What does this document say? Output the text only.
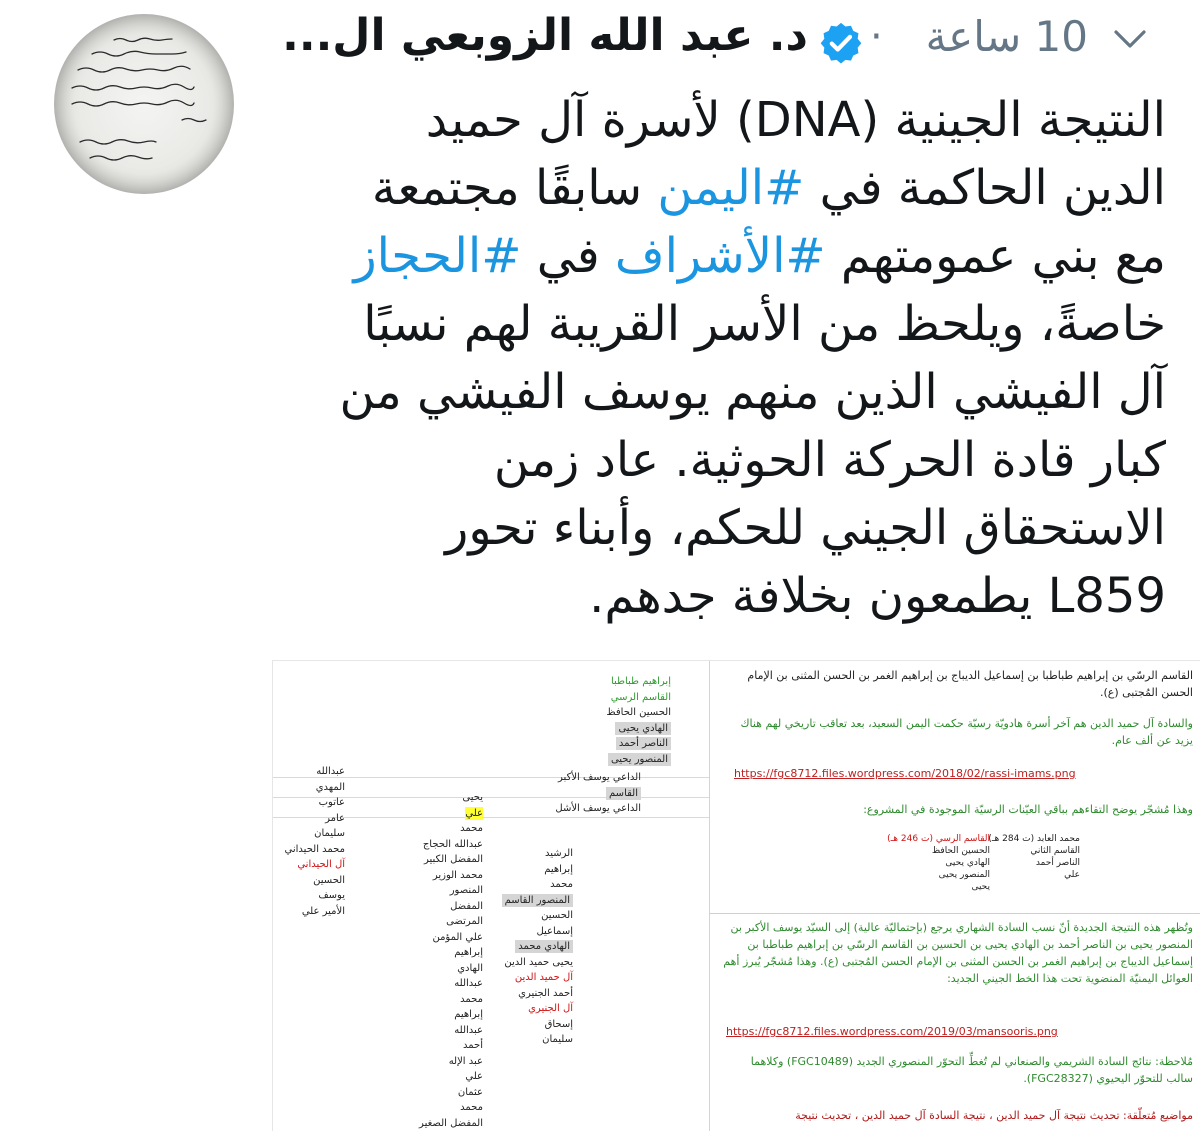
10 ساعة
·
د. عبد الله الزوبعي ال...
النتيجة الجينية (DNA) لأسرة آل حميد
الدين الحاكمة في #اليمن سابقًا مجتمعة
مع بني عمومتهم #الأشراف في #الحجاز
خاصةً، ويلحظ من الأسر القريبة لهم نسبًا
آل الفيشي الذين منهم يوسف الفيشي من
كبار قادة الحركة الحوثية. عاد زمن
الاستحقاق الجيني للحكم، وأبناء تحور
L859 يطمعون بخلافة جدهم.
إبراهيم طباطبا
القاسم الرسي
الحسين الحافظ
الهادي يحيى
الناصر أحمد
المنصور يحيى
الداعي يوسف الأكبر
القاسم
الداعي يوسف الأشل
يحيى
علي
محمد
عبدالله الحجاج
المفضل الكبير
محمد الوزير
المنصور
المفضل
المرتضى
علي المؤمن
إبراهيم
الهادي
عبدالله
محمد
إبراهيم
عبدالله
أحمد
عبد الإله
علي
عثمان
محمد
المفضل الصغير
الرشيد
إبراهيم
محمد
المنصور القاسم
الحسين
إسماعيل
الهادي محمد
يحيى حميد الدين
آل حميد الدين
أحمد الجنيري
آل الجنيري
إسحاق
سليمان
عبدالله
المهدي
عاتوب
عامر
سليمان
محمد الحيداني
آل الحيداني
الحسين
يوسف
الأمير علي
القاسم الرسّي بن إبراهيم طباطبا بن إسماعيل الديباج بن إبراهيم الغمر بن الحسن المثنى بن الإمام الحسن المُجتبى (ع).
والسادة آل حميد الدين هم آخر أسرة هادويّة رسيّة حكمت اليمن السعيد، بعد تعاقب تاريخي لهم هناك يزيد عن ألف عام.
https://fgc8712.files.wordpress.com/2018/02/rassi-imams.png
وهذا مُشجّر يوضح التقاءهم بباقي العيّنات الرسيّة الموجودة في المشروع:
القاسم الرسي (ت 246 هـ)
محمد العابد (ت 284 هـ)
الحسين الحافظ	القاسم الثاني
الهادي يحيى	الناصر أحمد
المنصور يحيى	علي
يحيى
وتُظهر هذه النتيجة الجديدة أنّ نسب السادة الشهاري يرجع (بإحتماليّة عالية) إلى السيّد يوسف الأكبر بن المنصور يحيى بن الناصر أحمد بن الهادي يحيى بن الحسين بن القاسم الرسّي بن إبراهيم طباطبا بن إسماعيل الديباج بن إبراهيم الغمر بن الحسن المثنى بن الإمام الحسن المُجتبى (ع). وهذا مُشجّر يُبرز أهم العوائل اليمنيّة المنضوية تحت هذا الخط الجيني الجديد:
https://fgc8712.files.wordpress.com/2019/03/mansooris.png
مُلاحظة: نتائج السادة الشريمي والصنعاني لم تُغطِّ التحوّر المنصوري الجديد (FGC10489) وكلاهما سالب للتحوّر اليحيوي (FGC28327).
مواضيع مُتعلّقة: تحديث نتيجة آل حميد الدين ، نتيجة السادة آل حميد الدين ، تحديث نتيجة
